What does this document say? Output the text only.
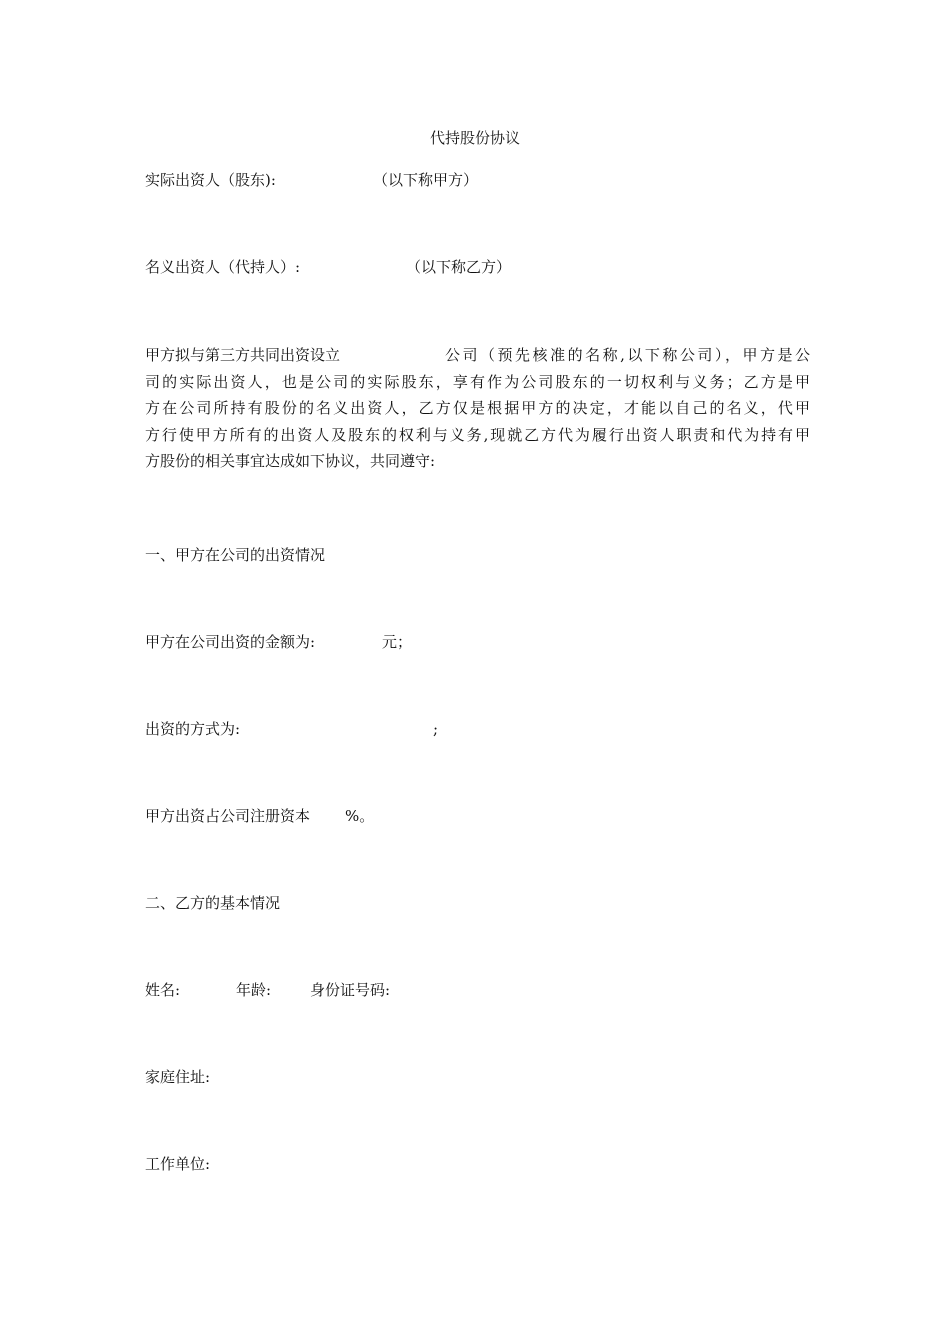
代持股份协议
实际出资人（股东):	（以下称甲方）
名义出资人（代持人）:	（以下称乙方）
甲方拟与第三方共同出资设立	公司（预先核准的名称,以下称公司），甲方是公
司的实际出资人，也是公司的实际股东，享有作为公司股东的一切权利与义务；乙方是甲
方在公司所持有股份的名义出资人，乙方仅是根据甲方的决定，才能以自己的名义，代甲
方行使甲方所有的出资人及股东的权利与义务,现就乙方代为履行出资人职责和代为持有甲
方股份的相关事宜达成如下协议，共同遵守:
一、甲方在公司的出资情况
甲方在公司出资的金额为:	元；
出资的方式为:	;
甲方出资占公司注册资本 %。
二、乙方的基本情况
姓名:	年龄:	身份证号码:
家庭住址:
工作单位:
